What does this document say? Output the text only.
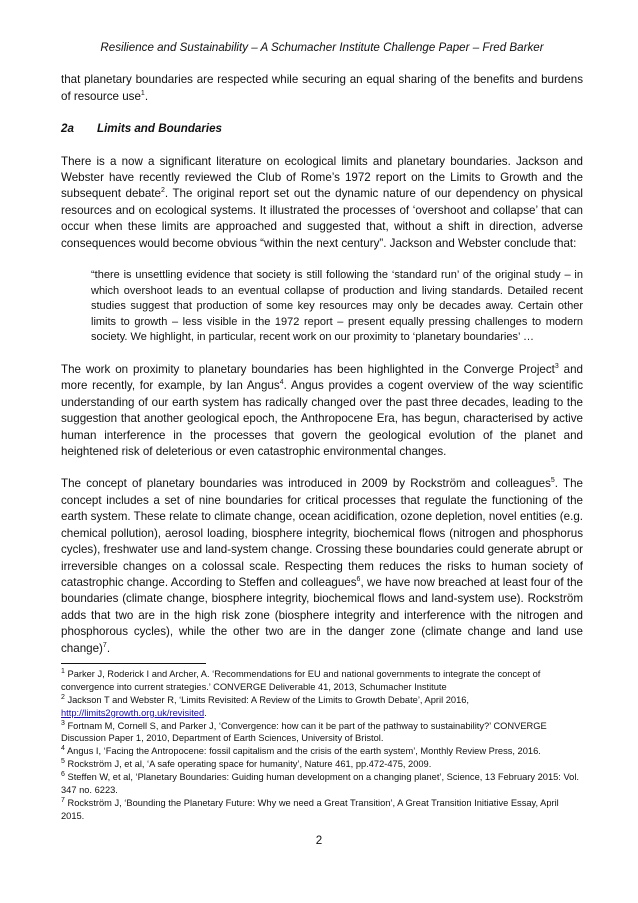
Resilience and Sustainability – A Schumacher Institute Challenge Paper – Fred Barker

that planetary boundaries are respected while securing an equal sharing of the benefits and burdens of resource use$^1$.

2a Limits and Boundaries

There is a now a significant literature on ecological limits and planetary boundaries. Jackson and Webster have recently reviewed the Club of Rome’s 1972 report on the Limits to Growth and the subsequent debate$^2$. The original report set out the dynamic nature of our dependency on physical resources and on ecological systems. It illustrated the processes of ‘overshoot and collapse’ that can occur when these limits are approached and suggested that, without a shift in direction, adverse consequences would become obvious “within the next century”. Jackson and Webster conclude that:

“there is unsettling evidence that society is still following the ‘standard run’ of the original study – in which overshoot leads to an eventual collapse of production and living standards. Detailed recent studies suggest that production of some key resources may only be decades away. Certain other limits to growth – less visible in the 1972 report – present equally pressing challenges to modern society. We highlight, in particular, recent work on our proximity to ‘planetary boundaries’ …

The work on proximity to planetary boundaries has been highlighted in the Converge Project$^3$ and more recently, for example, by Ian Angus$^4$. Angus provides a cogent overview of the way scientific understanding of our earth system has radically changed over the past three decades, leading to the suggestion that another geological epoch, the Anthropocene Era, has begun, characterised by active human interference in the processes that govern the geological evolution of the planet and heightened risk of deleterious or even catastrophic environmental changes.

The concept of planetary boundaries was introduced in 2009 by Rockström and colleagues$^5$. The concept includes a set of nine boundaries for critical processes that regulate the functioning of the earth system. These relate to climate change, ocean acidification, ozone depletion, novel entities (e.g. chemical pollution), aerosol loading, biosphere integrity, biochemical flows (nitrogen and phosphorus cycles), freshwater use and land-system change. Crossing these boundaries could generate abrupt or irreversible changes on a colossal scale. Respecting them reduces the risks to human society of catastrophic change. According to Steffen and colleagues$^6$, we have now breached at least four of the boundaries (climate change, biosphere integrity, biochemical flows and land-system use). Rockström adds that two are in the high risk zone (biosphere integrity and interference with the nitrogen and phosphorous cycles), while the other two are in the danger zone (climate change and land use change)$^7$.

$^1$ Parker J, Roderick I and Archer, A. ‘Recommendations for EU and national governments to integrate the concept of convergence into current strategies.’ CONVERGE Deliverable 41, 2013, Schumacher Institute

$^2$ Jackson T and Webster R, ‘Limits Revisited: A Review of the Limits to Growth Debate’, April 2016, http://limits2growth.org.uk/revisited.

$^3$ Fortnam M, Cornell S, and Parker J, ‘Convergence: how can it be part of the pathway to sustainability?’ CONVERGE Discussion Paper 1, 2010, Department of Earth Sciences, University of Bristol.

$^4$ Angus I, ‘Facing the Antropocene: fossil capitalism and the crisis of the earth system’, Monthly Review Press, 2016.

$^5$ Rockström J, et al, ‘A safe operating space for humanity’, Nature 461, pp.472-475, 2009.

$^6$ Steffen W, et al, ‘Planetary Boundaries: Guiding human development on a changing planet’, Science, 13 February 2015: Vol. 347 no. 6223.

$^7$ Rockström J, ‘Bounding the Planetary Future: Why we need a Great Transition’, A Great Transition Initiative Essay, April 2015.

2
